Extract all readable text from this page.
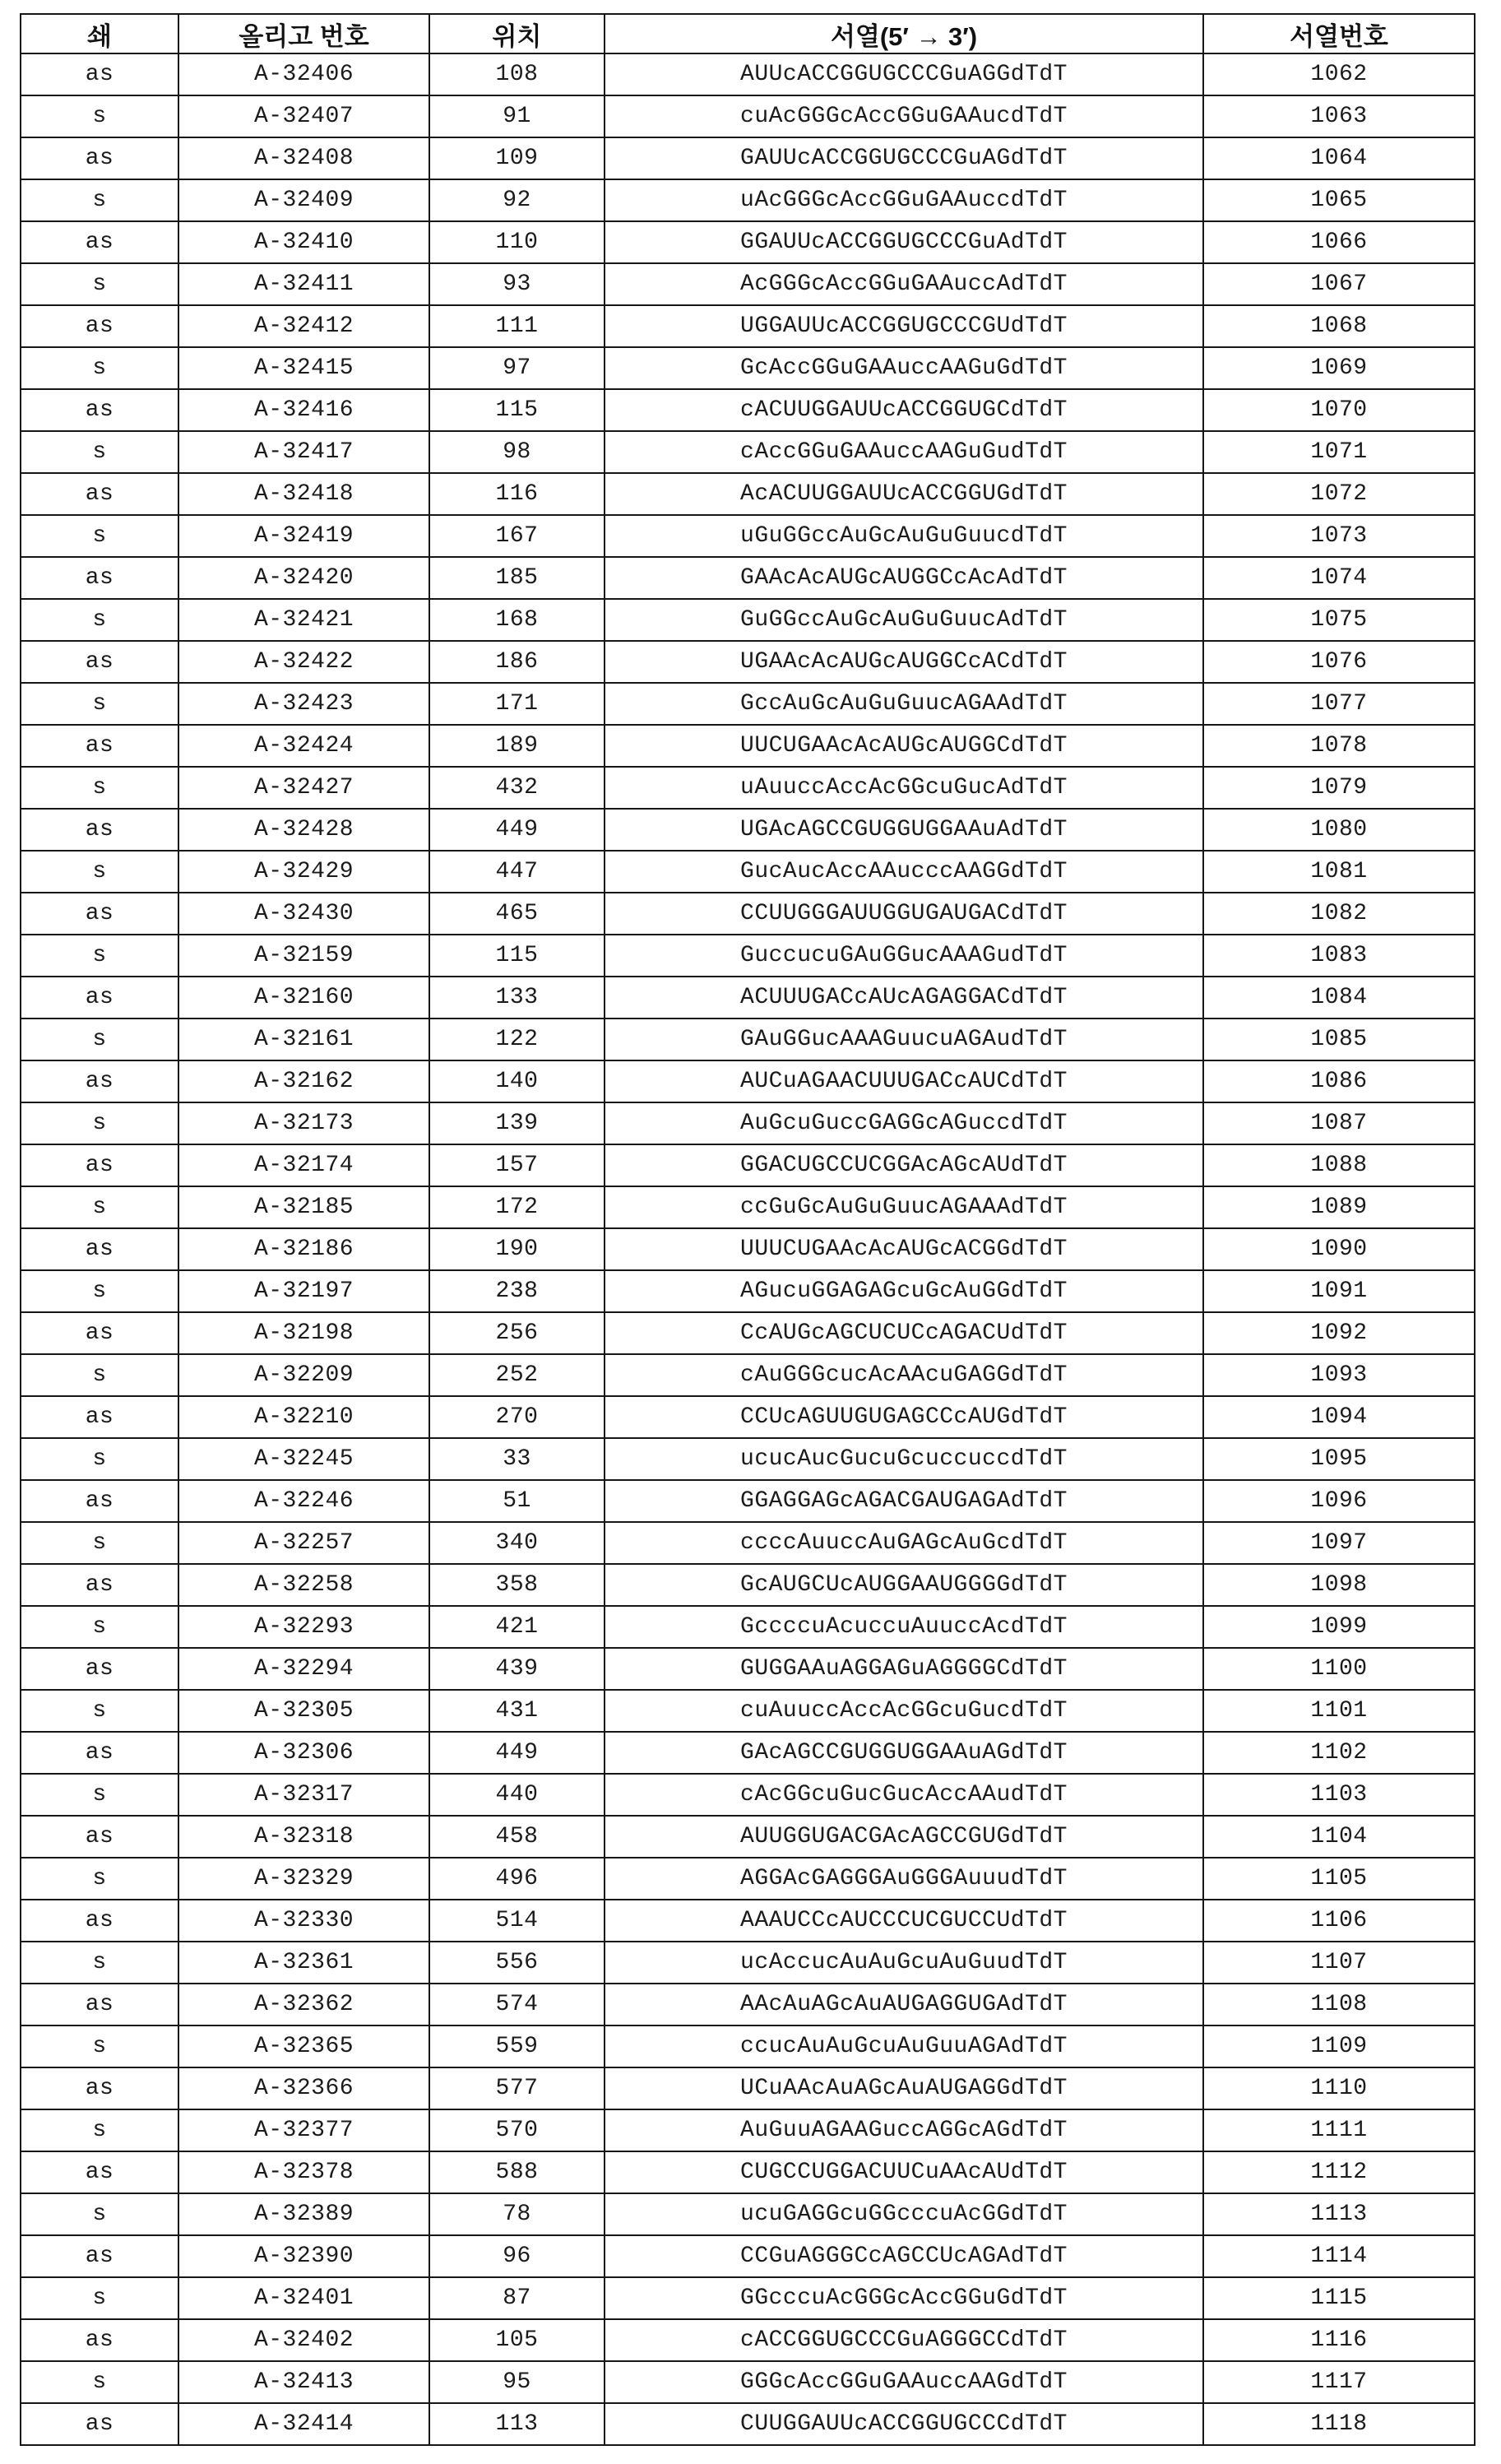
쇄	올리고 번호	위치	서열(5′ → 3′)	서열번호
as	A-32406	108	AUUcACCGGUGCCCGuAGGdTdT	1062
s	A-32407	91	cuAcGGGcAccGGuGAAucdTdT	1063
as	A-32408	109	GAUUcACCGGUGCCCGuAGdTdT	1064
s	A-32409	92	uAcGGGcAccGGuGAAuccdTdT	1065
as	A-32410	110	GGAUUcACCGGUGCCCGuAdTdT	1066
s	A-32411	93	AcGGGcAccGGuGAAuccAdTdT	1067
as	A-32412	111	UGGAUUcACCGGUGCCCGUdTdT	1068
s	A-32415	97	GcAccGGuGAAuccAAGuGdTdT	1069
as	A-32416	115	cACUUGGAUUcACCGGUGCdTdT	1070
s	A-32417	98	cAccGGuGAAuccAAGuGudTdT	1071
as	A-32418	116	AcACUUGGAUUcACCGGUGdTdT	1072
s	A-32419	167	uGuGGccAuGcAuGuGuucdTdT	1073
as	A-32420	185	GAAcAcAUGcAUGGCcAcAdTdT	1074
s	A-32421	168	GuGGccAuGcAuGuGuucAdTdT	1075
as	A-32422	186	UGAAcAcAUGcAUGGCcACdTdT	1076
s	A-32423	171	GccAuGcAuGuGuucAGAAdTdT	1077
as	A-32424	189	UUCUGAAcAcAUGcAUGGCdTdT	1078
s	A-32427	432	uAuuccAccAcGGcuGucAdTdT	1079
as	A-32428	449	UGAcAGCCGUGGUGGAAuAdTdT	1080
s	A-32429	447	GucAucAccAAucccAAGGdTdT	1081
as	A-32430	465	CCUUGGGAUUGGUGAUGACdTdT	1082
s	A-32159	115	GuccucuGAuGGucAAAGudTdT	1083
as	A-32160	133	ACUUUGACcAUcAGAGGACdTdT	1084
s	A-32161	122	GAuGGucAAAGuucuAGAudTdT	1085
as	A-32162	140	AUCuAGAACUUUGACcAUCdTdT	1086
s	A-32173	139	AuGcuGuccGAGGcAGuccdTdT	1087
as	A-32174	157	GGACUGCCUCGGAcAGcAUdTdT	1088
s	A-32185	172	ccGuGcAuGuGuucAGAAAdTdT	1089
as	A-32186	190	UUUCUGAAcAcAUGcACGGdTdT	1090
s	A-32197	238	AGucuGGAGAGcuGcAuGGdTdT	1091
as	A-32198	256	CcAUGcAGCUCUCcAGACUdTdT	1092
s	A-32209	252	cAuGGGcucAcAAcuGAGGdTdT	1093
as	A-32210	270	CCUcAGUUGUGAGCCcAUGdTdT	1094
s	A-32245	33	ucucAucGucuGcuccuccdTdT	1095
as	A-32246	51	GGAGGAGcAGACGAUGAGAdTdT	1096
s	A-32257	340	ccccAuuccAuGAGcAuGcdTdT	1097
as	A-32258	358	GcAUGCUcAUGGAAUGGGGdTdT	1098
s	A-32293	421	GccccuAcuccuAuuccAcdTdT	1099
as	A-32294	439	GUGGAAuAGGAGuAGGGGCdTdT	1100
s	A-32305	431	cuAuuccAccAcGGcuGucdTdT	1101
as	A-32306	449	GAcAGCCGUGGUGGAAuAGdTdT	1102
s	A-32317	440	cAcGGcuGucGucAccAAudTdT	1103
as	A-32318	458	AUUGGUGACGAcAGCCGUGdTdT	1104
s	A-32329	496	AGGAcGAGGGAuGGGAuuudTdT	1105
as	A-32330	514	AAAUCCcAUCCCUCGUCCUdTdT	1106
s	A-32361	556	ucAccucAuAuGcuAuGuudTdT	1107
as	A-32362	574	AAcAuAGcAuAUGAGGUGAdTdT	1108
s	A-32365	559	ccucAuAuGcuAuGuuAGAdTdT	1109
as	A-32366	577	UCuAAcAuAGcAuAUGAGGdTdT	1110
s	A-32377	570	AuGuuAGAAGuccAGGcAGdTdT	1111
as	A-32378	588	CUGCCUGGACUUCuAAcAUdTdT	1112
s	A-32389	78	ucuGAGGcuGGcccuAcGGdTdT	1113
as	A-32390	96	CCGuAGGGCcAGCCUcAGAdTdT	1114
s	A-32401	87	GGcccuAcGGGcAccGGuGdTdT	1115
as	A-32402	105	cACCGGUGCCCGuAGGGCCdTdT	1116
s	A-32413	95	GGGcAccGGuGAAuccAAGdTdT	1117
as	A-32414	113	CUUGGAUUcACCGGUGCCCdTdT	1118
